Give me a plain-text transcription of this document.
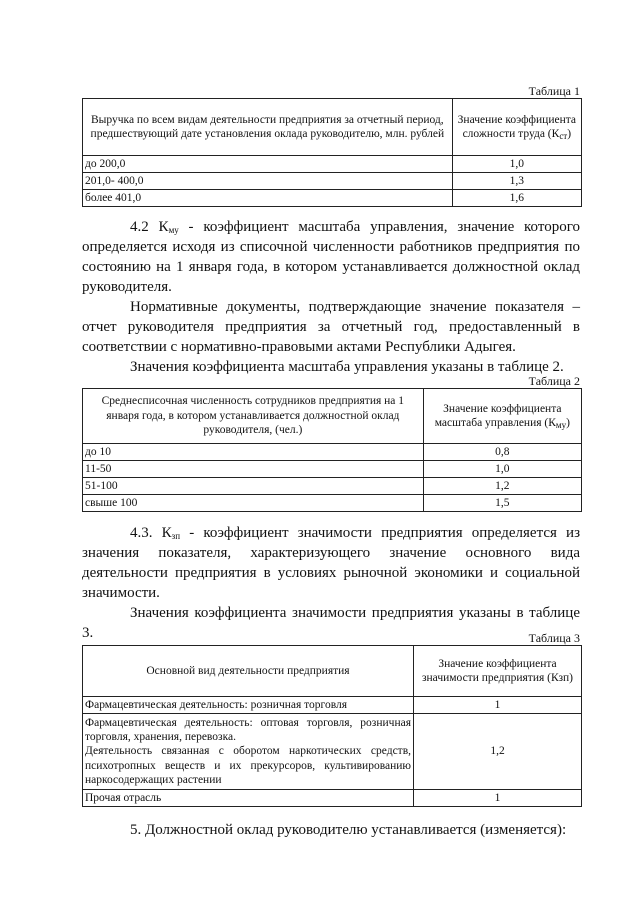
Таблица 1
Выручка по всем видам деятельности предприятия за отчетный период, предшествующий дате установления оклада руководителю, млн. рублей	Значение коэффициента сложности труда $(К_{ст})$
до 200,0	1,0
201,0- 400,0	1,3
более 401,0	1,6
4.2 $К_{му}$ - коэффициент масштаба управления, значение которого определяется исходя из списочной численности работников предприятия по состоянию на 1 января года, в котором устанавливается должностной оклад руководителя.
Нормативные документы, подтверждающие значение показателя – отчет руководителя предприятия за отчетный год, предоставленный в соответствии с нормативно-правовыми актами Республики Адыгея.
Значения коэффициента масштаба управления указаны в таблице 2.
Таблица 2
Среднесписочная численность сотрудников предприятия на 1 января года, в котором устанавливается должностной оклад руководителя, (чел.)	Значение коэффициента масштаба управления $(К_{му})$
до 10	0,8
11-50	1,0
51-100	1,2
свыше 100	1,5
4.3. $К_{зп}$ - коэффициент значимости предприятия определяется из значения показателя, характеризующего значение основного вида деятельности предприятия в условиях рыночной экономики и социальной значимости.
Значения коэффициента значимости предприятия указаны в таблице 3.	Таблица 3
Основной вид деятельности предприятия	Значение коэффициента значимости предприятия (Кзп)
Фармацевтическая деятельность: розничная торговля	1

Фармацевтическая деятельность: оптовая торговля, розничная торговля, хранения, перевозка.
Деятельность связанная с оборотом наркотических средств, психотропных веществ и их прекурсоров, культивированию наркосодержащих растении	1,2
Прочая отрасль	1
5. Должностной оклад руководителю устанавливается (изменяется):
